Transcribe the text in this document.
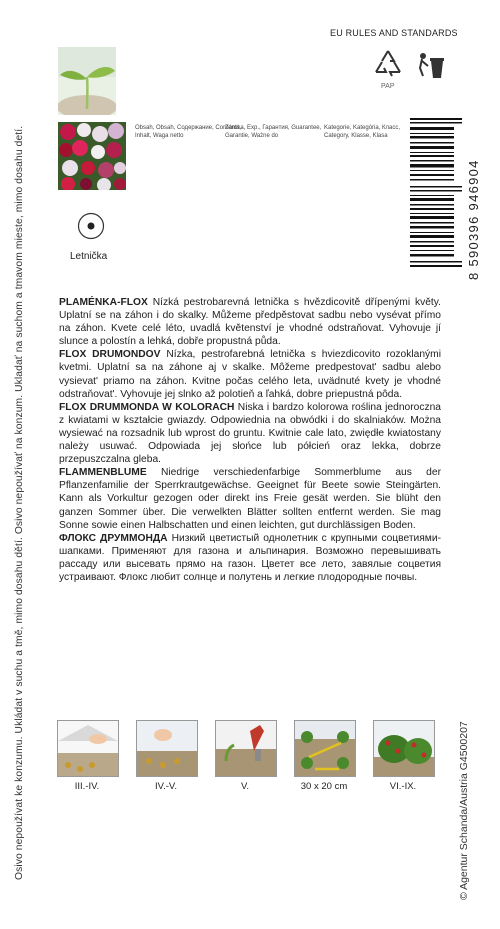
Osivo nepoužívat ke konzumu. Ukládat v suchu a tmě, mimo dosahu dětí. Osivo nepoužívať na konzum. Ukladať na suchom a tmavom mieste, mimo dosahu detí.	Obsah, Obsah, Содержание, Contents, Inhalt, Waga netto
Záruka, Exp., Гарантия, Guarantee, Garantie, Ważne do
Kategorie, Kategória, Класс, Category, Klasse, Klasa
Letnička
EU RULES AND STANDARDS
PAP
8 590396 946904
© Agentur Schanda/Austria G4500207

PLAMÉNKA-FLOX Nízká pestrobarevná letnička s hvězdicovitě dřípenými květy. Uplatní se na záhon i do skalky. Můžeme předpěstovat sadbu nebo vysévat přímo na záhon. Kvete celé léto, uvadlá květenství je vhodné odstraňovat. Vyhovuje jí slunce a polostín a lehká, dobře propustná půda.

FLOX DRUMONDOV Nízka, pestrofarebná letnička s hviezdicovito rozoklanými kvetmi. Uplatní sa na záhone aj v skalke. Môžeme predpestovat' sadbu alebo vysievat' priamo na záhon. Kvitne počas celého leta, uvädnuté kvety je vhodné odstraňovat'. Vyhovuje jej slnko až polotieň a ľahká, dobre priepustná pôda.

FLOX DRUMMONDA W KOLORACH Niska i bardzo kolorowa roślina jednoroczna z kwiatami w kształcie gwiazdy. Odpowiednia na obwódki i do skalniaków. Można wysiewać na rozsadnik lub wprost do gruntu. Kwitnie cale lato, zwiędłe kwiatostany należy usuwać. Odpowiada jej słońce lub półcień oraz lekka, dobrze przepuszczalna gleba.

FLAMMENBLUME Niedrige verschiedenfarbige Sommerblume aus der Pflanzenfamilie der Sperrkrautgewächse. Geeignet für Beete sowie Steingärten. Kann als Vorkultur gezogen oder direkt ins Freie gesät werden. Sie blüht den ganzen Sommer über. Die verwelkten Blätter sollten entfernt werden. Sie mag Sonne sowie einen Halbschatten und einen leichten, gut durchlässigen Boden.

ФЛОКС ДРУММОНДА Низкий цветистый однолетник с крупными соцветиями-шапками. Применяют для газона и альпинария. Возможно перевышивать рассаду или высевать прямо на газон. Цветет все лето, завялые соцветия устраивают. Флокс любит солнце и полутень и легкие плодородные почвы.

III.-IV.	IV.-V.	V.	30 x 20 cm	VI.-IX.
